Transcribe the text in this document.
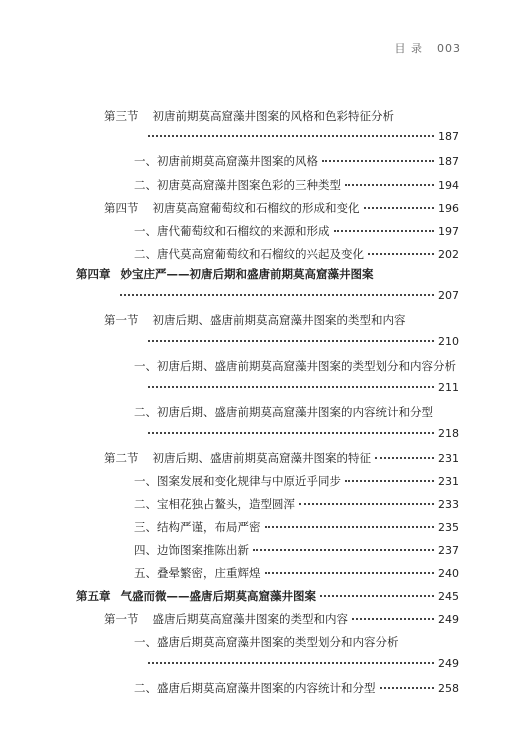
目 录 003
第三节 初唐前期莫高窟藻井图案的风格和色彩特征分析
187
一、初唐前期莫高窟藻井图案的风格	187
二、初唐莫高窟藻井图案色彩的三种类型	194
第四节 初唐莫高窟葡萄纹和石榴纹的形成和变化	196
一、唐代葡萄纹和石榴纹的来源和形成	197
二、唐代莫高窟葡萄纹和石榴纹的兴起及变化	202
第四章 妙宝庄严——初唐后期和盛唐前期莫高窟藻井图案
207
第一节 初唐后期、盛唐前期莫高窟藻井图案的类型和内容
210
一、初唐后期、盛唐前期莫高窟藻井图案的类型划分和内容分析
211
二、初唐后期、盛唐前期莫高窟藻井图案的内容统计和分型
218
第二节 初唐后期、盛唐前期莫高窟藻井图案的特征	231
一、图案发展和变化规律与中原近乎同步	231
二、宝相花独占鳌头，造型圆浑	233
三、结构严谨，布局严密	235
四、边饰图案推陈出新	237
五、叠晕繁密，庄重辉煌	240
第五章 气盛而微——盛唐后期莫高窟藻井图案	245
第一节 盛唐后期莫高窟藻井图案的类型和内容	249
一、盛唐后期莫高窟藻井图案的类型划分和内容分析
249
二、盛唐后期莫高窟藻井图案的内容统计和分型	258
